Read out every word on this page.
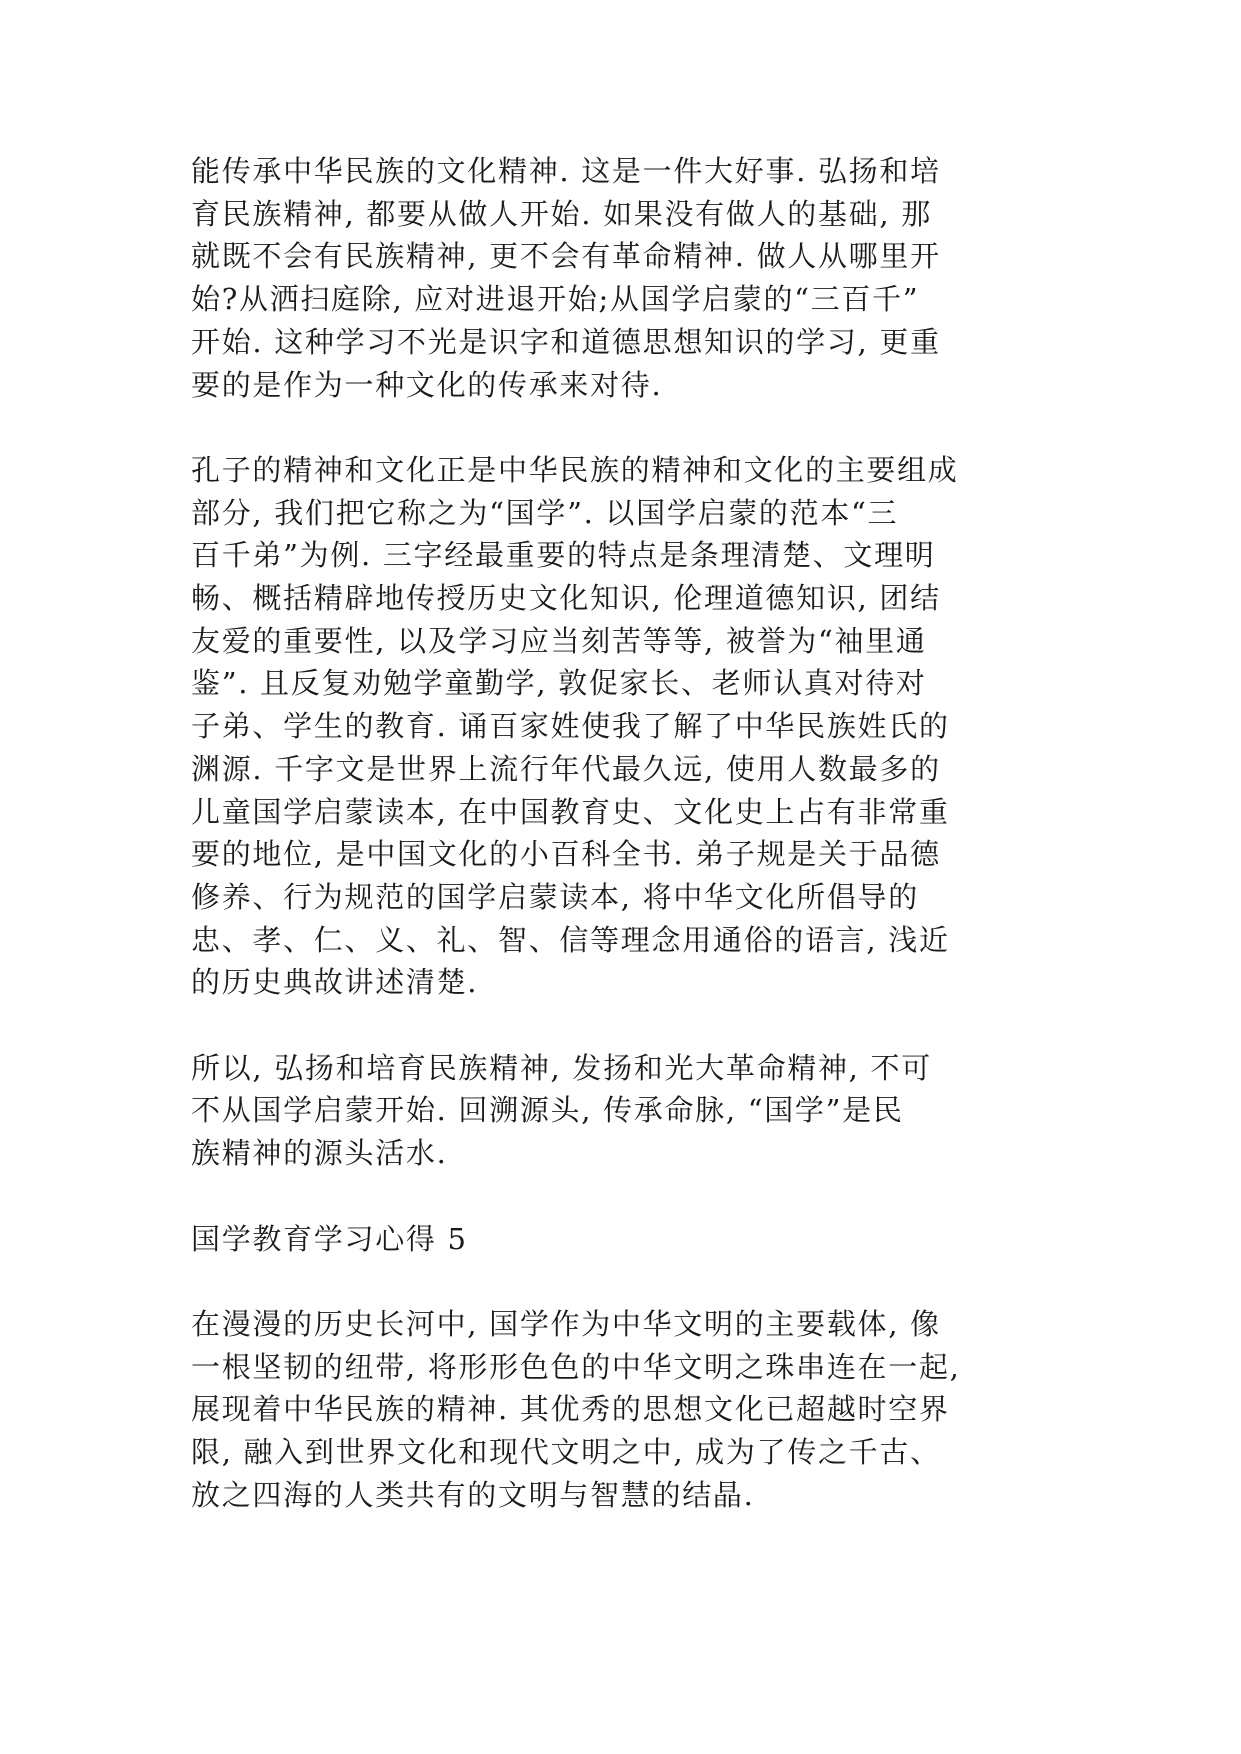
能传承中华民族的文化精神. 这是一件大好事. 弘扬和培
育民族精神, 都要从做人开始. 如果没有做人的基础, 那
就既不会有民族精神, 更不会有革命精神. 做人从哪里开
始?从洒扫庭除, 应对进退开始;从国学启蒙的“三百千”
开始. 这种学习不光是识字和道德思想知识的学习, 更重
要的是作为一种文化的传承来对待.

孔子的精神和文化正是中华民族的精神和文化的主要组成
部分, 我们把它称之为“国学”. 以国学启蒙的范本“三
百千弟”为例. 三字经最重要的特点是条理清楚、文理明
畅、概括精辟地传授历史文化知识, 伦理道德知识, 团结
友爱的重要性, 以及学习应当刻苦等等, 被誉为“袖里通
鉴”. 且反复劝勉学童勤学, 敦促家长、老师认真对待对
子弟、学生的教育. 诵百家姓使我了解了中华民族姓氏的
渊源. 千字文是世界上流行年代最久远, 使用人数最多的
儿童国学启蒙读本, 在中国教育史、文化史上占有非常重
要的地位, 是中国文化的小百科全书. 弟子规是关于品德
修养、行为规范的国学启蒙读本, 将中华文化所倡导的
忠、孝、仁、义、礼、智、信等理念用通俗的语言, 浅近
的历史典故讲述清楚.

所以, 弘扬和培育民族精神, 发扬和光大革命精神, 不可
不从国学启蒙开始. 回溯源头, 传承命脉, “国学”是民
族精神的源头活水.

国学教育学习心得 5

在漫漫的历史长河中, 国学作为中华文明的主要载体, 像
一根坚韧的纽带, 将形形色色的中华文明之珠串连在一起,
展现着中华民族的精神. 其优秀的思想文化已超越时空界
限, 融入到世界文化和现代文明之中, 成为了传之千古、
放之四海的人类共有的文明与智慧的结晶.
